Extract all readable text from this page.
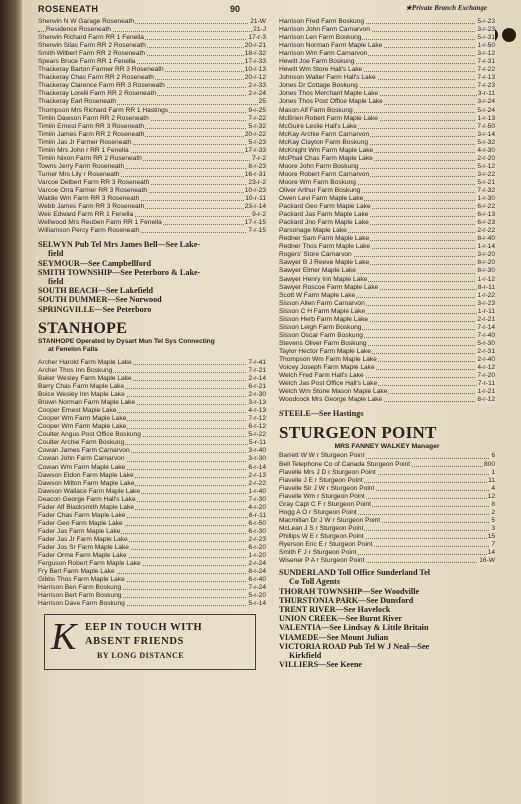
ROSENEATH	90	★Private Branch Exchange
Sherwin N W Garage Roseneath	21-W
Residence Roseneath	21-J
Sherwin Richard Farm RR 1 Fenella	17-r-3
Sherwin Silas Farm RR 2 Roseneath	20-r-21
Smith Wilbert Farm RR 2 Roseneath	18-r-32
Spears Bruce Farm RR 1 Fenella	17-r-33
Thackeray Barton Farmer RR 3 Roseneath	10-r-13
Thackeray Chas Farm RR 2 Roseneath	20-r-12
Thackeray Clarence Farm RR 3 Roseneath	2-r-33
Thackeray Lorelli Farm RR 2 Roseneath	2-r-24
Thackeray Earl Roseneath	25
Thompson Mrs Richard Farm RR 1 Hastings	9-r-25
Timlin Dawson Farm RR 2 Roseneath	7-r-22
Timlin Ernest Farm RR 3 Roseneath	5-r-32
Timlin James Farm RR 2 Roseneath	20-r-22
Timlin Jas Jr Farmer Roseneath	5-r-23
Timlin Mrs John r RR 1 Fenella	17-r-33
Timlin Nixon Farm RR 2 Roseneath	7-r-2
Towns Jerry Farm Roseneath	8-r-23
Turner Mrs Lily r Roseneath	16-r-31
Varcoe Delbert Farm RR 3 Roseneath	23-r-2
Varcoe Orra Farmer RR 3 Roseneath	10-r-23
Waldie Wm Farm RR 3 Roseneath	10-r-11
Webb James Farm RR 3 Roseneath	23-r-14
Weir Edward Farm RR 1 Fenella	9-r-2
Wellwood Mrs Reuben Farm RR 1 Fenella	17-r-15
Williamson Percy Farm Roseneath	7-r-15
SELWYN Pub Tel Mrs James Bell—See Lake-
field
SEYMOUR—See Campbellford
SMITH TOWNSHIP—See Peterboro & Lake-
field
SOUTH BEACH—See Lakefield
SOUTH DUMMER—See Norwood
SPRINGVILLE—See Peterboro
STANHOPE
STANHOPE Operated by Dysart Mun Tel Sys Connecting
at Fenelon Falls
Archer Harold Farm Maple Lake	7-r-41
Archer Thos Inn Boskung	7-r-21
Baker Wesley Farm Maple Lake	2-r-14
Barry Chas Farm Maple Lake	6-r-21
Boice Wesley Inn Maple Lake	2-r-30
Brown Norman Farm Maple Lake	3-r-13
Cooper Ernest Maple Lake	4-r-13
Cooper Wm Farm Maple Lake	7-r-12
Cooper Wm Farm Maple Lake	6-r-12
Coulter Angus Post Office Boskung	5-r-22
Coulter Archie Farm Boskung	5-r-11
Cowan James Farm Carnarvon	3-r-40
Cowan John Farm Carnarvon	3-r-30
Cowan Wm Farm Maple Lake	6-r-14
Dawson Eldon Farm Maple Lake	2-r-13
Dawson Milton Farm Maple Lake	2-r-22
Dawson Wallace Farm Maple Lake	1-r-40
Deacon George Farm Hall's Lake	7-r-30
Fader Alf Blacksmith Maple Lake	4-r-20
Fader Chas Farm Maple Lake	6-r-11
Fader Geo Farm Maple Lake	6-r-50
Fader Jas Farm Maple Lake	6-r-30
Fader Jas Jr Farm Maple Lake	2-r-23
Fader Jos Sr Farm Maple Lake	6-r-20
Fader Orme Farm Maple Lake	1-r-20
Ferguson Robert Farm Maple Lake	2-r-24
Fry Bert Farm Maple Lake	8-r-24
Gibbs Thos Farm Maple Lake	6-r-40
Harrison Ben Farm Boskung	7-r-24
Harrison Bert Farm Boskung	5-r-20
Harrison Dave Farm Boskung	5-r-14
K EEP IN TOUCH WITH
ABSENT FRIENDS
BY LONG DISTANCE
Harrison Fred Farm Boskung	5-r-23
Harrison John Farm Carnarvon	3-r-23
Harrison Len Farm Boskung	5-r-31
Harrison Norman Farm Maple Lake	1-r-50
Harrison Wm Farm Carnarvon	3-r-12
Hewitt Joe Farm Boskung	7-r-31
Hewitt Wm Store Hall's Lake	7-r-22
Johnson Walter Farm Hall's Lake	7-r-13
Jones Dr Cottage Boskung	7-r-23
Jones Thos Merchant Maple Lake	3-r-11
Jones Thos Post Office Maple Lake	3-r-24
Mason Alf Farm Boskung	5-r-24
McBrien Robert Farm Maple Lake	1-r-13
McGuire Leslie Hall's Lake	7-r-50
McKay Archie Farm Carnarvon	3-r-14
McKay Clayton Farm Boskung	5-r-32
McKnight Wm Farm Maple Lake	4-r-30
McPhail Chas Farm Maple Lake	2-r-20
Moore John Farm Boskung	5-r-12
Moore Robert Farm Carnarvon	3-r-22
Moore Wm Farm Boskung	5-r-21
Oliver Arthur Farm Boskung	7-r-32
Owen Levi Farm Maple Lake	1-r-30
Packard Geo Farm Maple Lake	6-r-22
Packard Jas Farm Maple Lake	6-r-13
Packard Jno Farm Maple Lake	6-r-23
Parsonage Maple Lake	2-r-22
Redner Sam Farm Maple Lake	8-r-40
Redner Thos Farm Maple Lake	1-r-14
Rogers' Store Carnarvon	3-r-20
Sawyer B J Reeve Maple Lake	8-r-20
Sawyer Elmer Maple Lake	8-r-30
Sawyer Henry Inn Maple Lake	1-r-12
Sawyer Roscoe Farm Maple Lake	8-r-11
Scott W Farm Maple Lake	1-r-22
Sisson Allen Farm Carnarvon	3-r-23
Sisson C H Farm Maple Lake	1-r-11
Sisson Herb Farm Maple Lake	2-r-21
Sisson Leigh Farm Boskung	7-r-14
Sisson Oscar Farm Boskung	7-r-40
Stevens Oliver Farm Boskung	5-r-30
Taylor Hector Farm Maple Lake	2-r-31
Thompson Wm Farm Maple Lake	2-r-40
Voicey Joseph Farm Maple Lake	4-r-12
Welch Fred Farm Hall's Lake	7-r-20
Welch Jas Post Office Hall's Lake	7-r-11
Welch Wm Stone Mason Maple Lake	1-r-21
Woodcock Mrs George Maple Lake	8-r-12
STEELE—See Hastings
STURGEON POINT
MRS FANNEY WALKEY Manager
Barrett W W r Sturgeon Point	6
Bell Telephone Co of Canada Sturgeon Point	800
Flavelle Mrs J D r Sturgeon Point	1
Flavelle J E r Sturgeon Point	11
Flavelle Sir J W r Sturgeon Point	4
Flavelle Wm r Sturgeon Point	12
Gray Capt C F r Sturgeon Point	8
Hogg A O r Sturgeon Point	2
Macmillan Dr J W r Sturgeon Point	5
McLean J S r Sturgeon Point	3
Phillips W E r Sturgeon Point	15
Ryerson Eric E r Sturgeon Point	7
Smith F J r Sturgeon Point	14
Wisener P A r Sturgeon Point	16-W
SUNDERLAND Toll Office Sunderland Tel
Co Toll Agents
THORAH TOWNSHIP—See Woodville
THURSTONIA PARK—See Dunsford
TRENT RIVER—See Havelock
UNION CREEK—See Burnt River
VALENTIA—See Lindsay & Little Britain
VIAMEDE—See Mount Julian
VICTORIA ROAD Pub Tel W J Neal—See
Kirkfield
VILLIERS—See Keene
